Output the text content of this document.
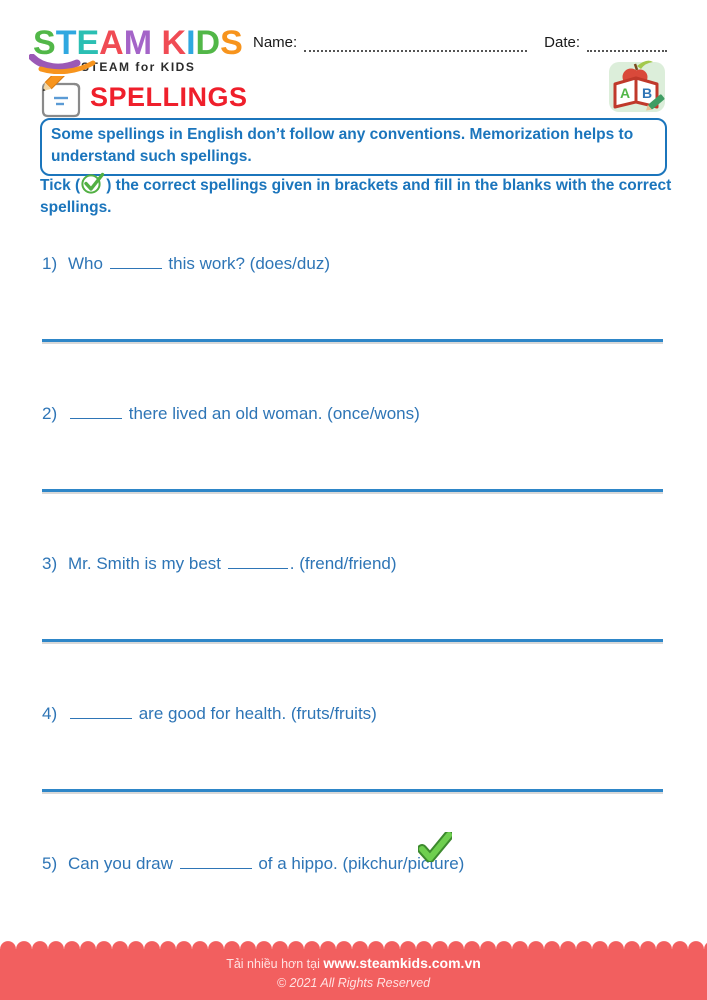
STEAM KIDS
STEAM for KIDS
Name:	Date:
A B
SPELLINGS
Some spellings in English don’t follow any conventions. Memorization helps to understand such spellings.
Tick ( ) the correct spellings given in brackets and fill in the blanks with the correct spellings.
1) Who	this work? (does/duz)
2)	there lived an old woman. (once/wons)
3) Mr. Smith is my best	. (frend/friend)
4)	are good for health. (fruts/fruits)
5) Can you draw	of a hippo. (pikchur/picture)
Tải nhiều hơn tại www.steamkids.com.vn
© 2021 All Rights Reserved
